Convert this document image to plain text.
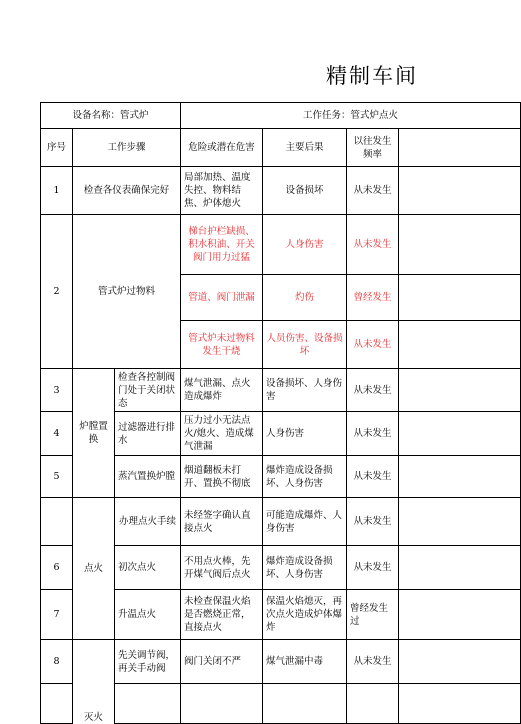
精制车间
设备名称：管式炉			工作任务：管式炉点火			
序号	工作步骤		危险或潜在危害	主要后果	以往发生频率	
1	检查各仪表确保完好		局部加热、温度失控、物料结焦、炉体熄火	设备损坏	从未发生	
2	管式炉过物料		梯台护栏缺损、积水积油、开关阀门用力过猛	人身伤害	从未发生	
			管道、阀门泄漏	灼伤	曾经发生	
			管式炉未过物料发生干烧	人员伤害、设备损坏	从未发生	
3	炉膛置换	检查各控制阀门处于关闭状态	煤气泄漏、点火造成爆炸	设备损坏、人身伤害	从未发生	
4		过滤器进行排水	压力过小无法点火/熄火、造成煤气泄漏	人身伤害	从未发生	
5		蒸汽置换炉膛	烟道翻板未打开、置换不彻底	爆炸造成设备损坏、人身伤害	从未发生	
	点火	办理点火手续	未经签字确认直接点火	可能造成爆炸、人身伤害	从未发生	
6		初次点火	不用点火棒，先开煤气阀后点火	爆炸造成设备损坏、人身伤害	从未发生	
7		升温点火	未检查保温火焰是否燃烧正常，直接点火	保温火焰熄灭，再次点火造成炉体爆炸	曾经发生过	
8	灭火	先关调节阀，再关手动阀	阀门关闭不严	煤气泄漏中毒	从未发生	
